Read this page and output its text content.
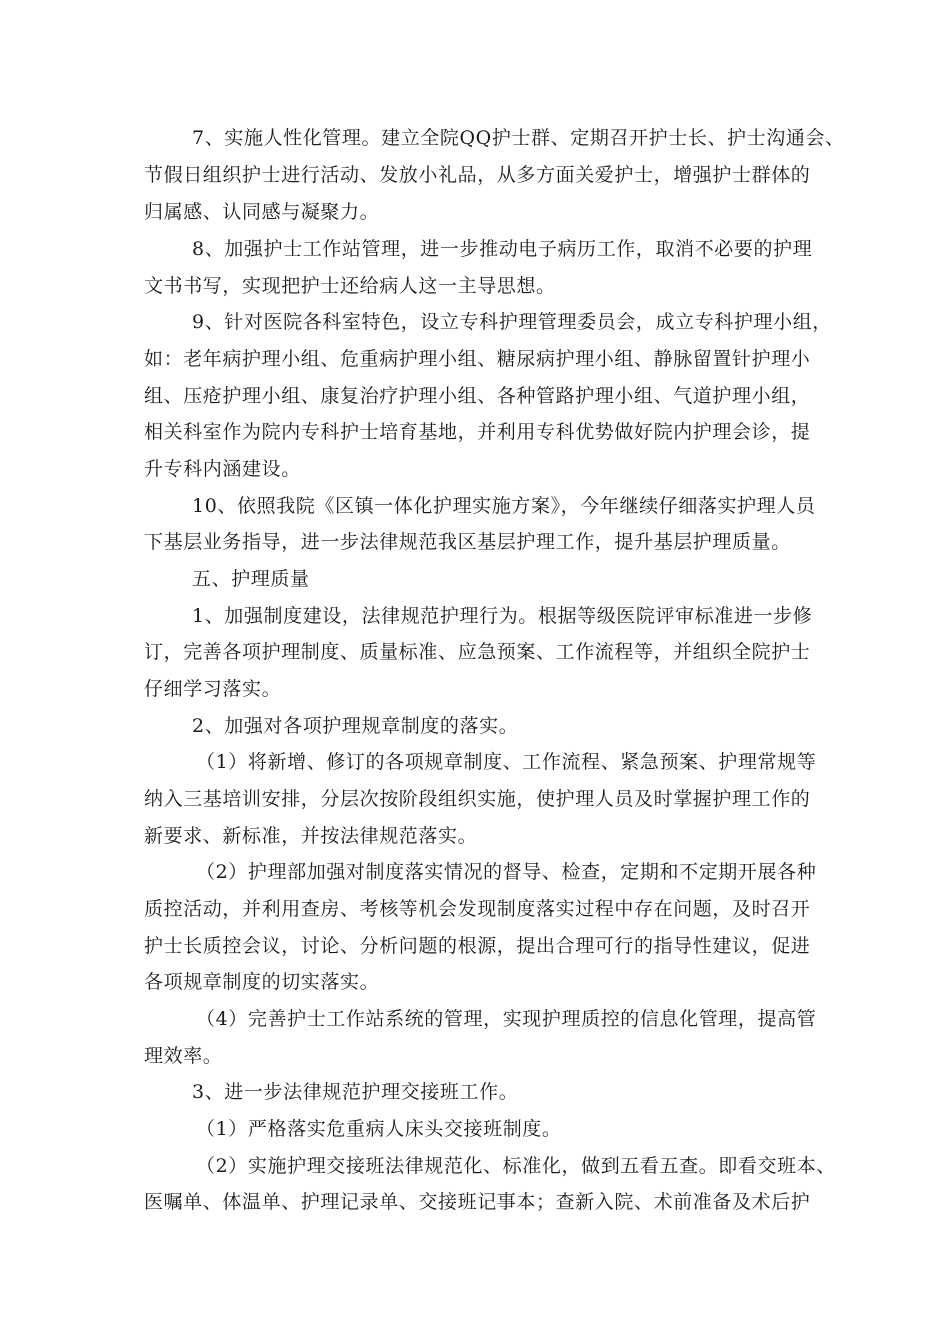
7、实施人性化管理。建立全院QQ护士群、定期召开护士长、护士沟通会、
节假日组织护士进行活动、发放小礼品，从多方面关爱护士，增强护士群体的
归属感、认同感与凝聚力。
8、加强护士工作站管理，进一步推动电子病历工作，取消不必要的护理
文书书写，实现把护士还给病人这一主导思想。
9、针对医院各科室特色，设立专科护理管理委员会，成立专科护理小组，
如：老年病护理小组、危重病护理小组、糖尿病护理小组、静脉留置针护理小
组、压疮护理小组、康复治疗护理小组、各种管路护理小组、气道护理小组，
相关科室作为院内专科护士培育基地，并利用专科优势做好院内护理会诊，提
升专科内涵建设。
10、依照我院《区镇一体化护理实施方案》，今年继续仔细落实护理人员
下基层业务指导，进一步法律规范我区基层护理工作，提升基层护理质量。
五、护理质量
1、加强制度建设，法律规范护理行为。根据等级医院评审标准进一步修
订，完善各项护理制度、质量标准、应急预案、工作流程等，并组织全院护士
仔细学习落实。
2、加强对各项护理规章制度的落实。
（1）将新增、修订的各项规章制度、工作流程、紧急预案、护理常规等
纳入三基培训安排，分层次按阶段组织实施，使护理人员及时掌握护理工作的
新要求、新标准，并按法律规范落实。
（2）护理部加强对制度落实情况的督导、检查，定期和不定期开展各种
质控活动，并利用查房、考核等机会发现制度落实过程中存在问题，及时召开
护士长质控会议，讨论、分析问题的根源，提出合理可行的指导性建议，促进
各项规章制度的切实落实。
（4）完善护士工作站系统的管理，实现护理质控的信息化管理，提高管
理效率。
3、进一步法律规范护理交接班工作。
（1）严格落实危重病人床头交接班制度。
（2）实施护理交接班法律规范化、标准化，做到五看五查。即看交班本、
医嘱单、体温单、护理记录单、交接班记事本；查新入院、术前准备及术后护
